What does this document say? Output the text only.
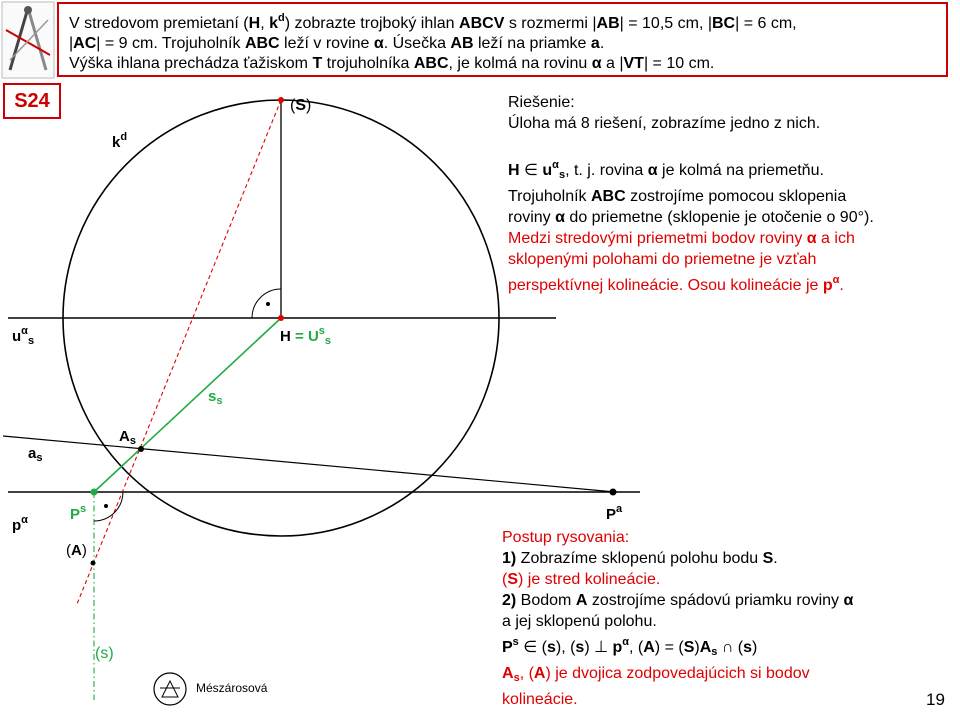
V stredovom premietaní (H, $k^d$) zobrazte trojboký ihlan ABCV s rozmermi |AB| = 10,5 cm, |BC| = 6 cm,
|AC| = 9 cm. Trojuholník ABC leží v rovine α. Úsečka AB leží na priamke a.
Výška ihlana prechádza ťažiskom T trojuholníka ABC, je kolmá na rovinu α a |VT| = 10 cm.
S24	(S)
$k^d$
$u^\alpha_s$	$H = U^s_s$
$s_s$
$A_s$
$a_s$
$p^\alpha$	$P^s$	$P^a$
(A)
(s)
Riešenie:
Úloha má 8 riešení, zobrazíme jedno z nich.
H ∈ $u^\alpha_s$, t. j. rovina α je kolmá na priemetňu.
Trojuholník ABC zostrojíme pomocou sklopenia
roviny α do priemetne (sklopenie je otočenie o 90°).
Medzi stredovými priemetmi bodov roviny α a ich
sklopenými polohami do priemetne je vzťah
perspektívnej kolineácie. Osou kolineácie je $p^\alpha$.
Postup rysovania:
1) Zobrazíme sklopenú polohu bodu S.
(S) je stred kolineácie.
2) Bodom A zostrojíme spádovú priamku roviny α
a jej sklopenú polohu.
$P^s$ ∈ (s), (s) ⊥ $p^\alpha$, $(A) = (S)A_s$ ∩ (s)
$A_s$, (A) je dvojica zodpovedajúcich si bodov
kolineácie.
Mészárosová
19
